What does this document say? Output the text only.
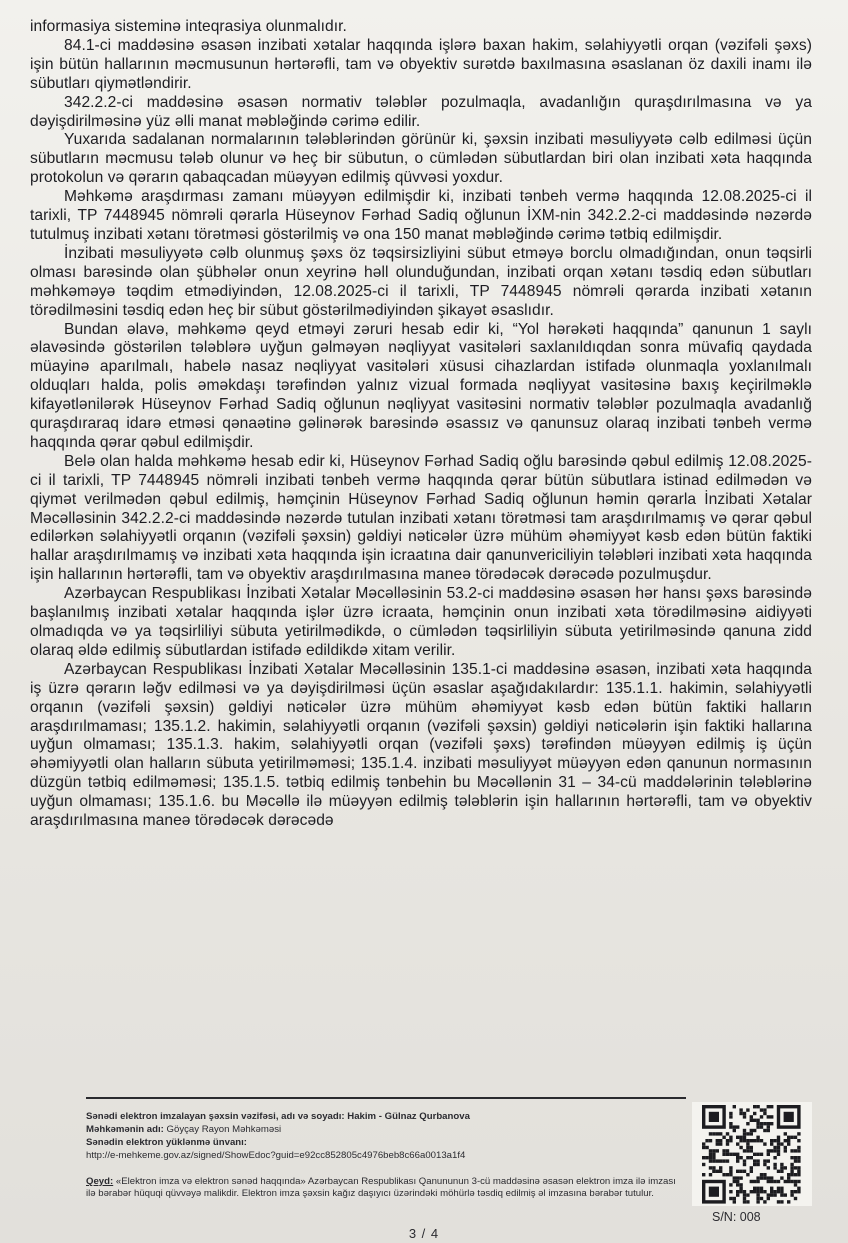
informasiya sisteminə inteqrasiya olunmalıdır.

84.1-ci maddəsinə əsasən inzibati xətalar haqqında işlərə baxan hakim, səlahiyyətli orqan (vəzifəli şəxs) işin bütün hallarının məcmusunun hərtərəfli, tam və obyektiv surətdə baxılmasına əsaslanan öz daxili inamı ilə sübutları qiymətləndirir.

342.2.2-ci maddəsinə əsasən normativ tələblər pozulmaqla, avadanlığın quraşdırılmasına və ya dəyişdirilməsinə yüz əlli manat məbləğində cərimə edilir.

Yuxarıda sadalanan normalarının tələblərindən görünür ki, şəxsin inzibati məsuliyyətə cəlb edilməsi üçün sübutların məcmusu tələb olunur və heç bir sübutun, o cümlədən sübutlardan biri olan inzibati xəta haqqında protokolun və qərarın qabaqcadan müəyyən edilmiş qüvvəsi yoxdur.

Məhkəmə araşdırması zamanı müəyyən edilmişdir ki, inzibati tənbeh vermə haqqında 12.08.2025-ci il tarixli, TP 7448945 nömrəli qərarla Hüseynov Fərhad Sadiq oğlunun İXM-nin 342.2.2-ci maddəsində nəzərdə tutulmuş inzibati xətanı törətməsi göstərilmiş və ona 150 manat məbləğində cərimə tətbiq edilmişdir.

İnzibati məsuliyyətə cəlb olunmuş şəxs öz təqsirsizliyini sübut etməyə borclu olmadığından, onun təqsirli olması barəsində olan şübhələr onun xeyrinə həll olunduğundan, inzibati orqan xətanı təsdiq edən sübutları məhkəməyə təqdim etmədiyindən, 12.08.2025-ci il tarixli, TP 7448945 nömrəli qərarda inzibati xətanın törədilməsini təsdiq edən heç bir sübut göstərilmədiyindən şikayət əsaslıdır.

Bundan əlavə, məhkəmə qeyd etməyi zəruri hesab edir ki, “Yol hərəkəti haqqında” qanunun 1 saylı əlavəsində göstərilən tələblərə uyğun gəlməyən nəqliyyat vasitələri saxlanıldıqdan sonra müvafiq qaydada müayinə aparılmalı, habelə nasaz nəqliyyat vasitələri xüsusi cihazlardan istifadə olunmaqla yoxlanılmalı olduqları halda, polis əməkdaşı tərəfindən yalnız vizual formada nəqliyyat vasitəsinə baxış keçirilməklə kifayətlənilərək Hüseynov Fərhad Sadiq oğlunun nəqliyyat vasitəsini normativ tələblər pozulmaqla avadanlığ quraşdıraraq idarə etməsi qənaətinə gəlinərək barəsində əsassız və qanunsuz olaraq inzibati tənbeh vermə haqqında qərar qəbul edilmişdir.

Belə olan halda məhkəmə hesab edir ki, Hüseynov Fərhad Sadiq oğlu barəsində qəbul edilmiş 12.08.2025-ci il tarixli, TP 7448945 nömrəli inzibati tənbeh vermə haqqında qərar bütün sübutlara istinad edilmədən və qiymət verilmədən qəbul edilmiş, həmçinin Hüseynov Fərhad Sadiq oğlunun həmin qərarla İnzibati Xətalar Məcəlləsinin 342.2.2-ci maddəsində nəzərdə tutulan inzibati xətanı törətməsi tam araşdırılmamış və qərar qəbul edilərkən səlahiyyətli orqanın (vəzifəli şəxsin) gəldiyi nəticələr üzrə mühüm əhəmiyyət kəsb edən bütün faktiki hallar araşdırılmamış və inzibati xəta haqqında işin icraatına dair qanunvericiliyin tələbləri inzibati xəta haqqında işin hallarının hərtərəfli, tam və obyektiv araşdırılmasına maneə törədəcək dərəcədə pozulmuşdur.

Azərbaycan Respublikası İnzibati Xətalar Məcəlləsinin 53.2-ci maddəsinə əsasən hər hansı şəxs barəsində başlanılmış inzibati xətalar haqqında işlər üzrə icraata, həmçinin onun inzibati xəta törədilməsinə aidiyyəti olmadıqda və ya təqsirliliyi sübuta yetirilmədikdə, o cümlədən təqsirliliyin sübuta yetirilməsində qanuna zidd olaraq əldə edilmiş sübutlardan istifadə edildikdə xitam verilir.

Azərbaycan Respublikası İnzibati Xətalar Məcəlləsinin 135.1-ci maddəsinə əsasən, inzibati xəta haqqında iş üzrə qərarın ləğv edilməsi və ya dəyişdirilməsi üçün əsaslar aşağıdakılardır: 135.1.1. hakimin, səlahiyyətli orqanın (vəzifəli şəxsin) gəldiyi nəticələr üzrə mühüm əhəmiyyət kəsb edən bütün faktiki halların araşdırılmaması; 135.1.2. hakimin, səlahiyyətli orqanın (vəzifəli şəxsin) gəldiyi nəticələrin işin faktiki hallarına uyğun olmaması; 135.1.3. hakim, səlahiyyətli orqan (vəzifəli şəxs) tərəfindən müəyyən edilmiş iş üçün əhəmiyyətli olan halların sübuta yetirilməməsi; 135.1.4. inzibati məsuliyyət müəyyən edən qanunun normasının düzgün tətbiq edilməməsi; 135.1.5. tətbiq edilmiş tənbehin bu Məcəllənin 31 – 34-cü maddələrinin tələblərinə uyğun olmaması; 135.1.6. bu Məcəllə ilə müəyyən edilmiş tələblərin işin hallarının hərtərəfli, tam və obyektiv araşdırılmasına maneə törədəcək dərəcədə

Sənədi elektron imzalayan şəxsin vəzifəsi, adı və soyadı: Hakim - Gülnaz Qurbanova
Məhkəmənin adı: Göyçay Rayon Məhkəməsi
Sənədin elektron yüklənmə ünvanı:
http://e-mehkeme.gov.az/signed/ShowEdoc?guid=e92cc852805c4976beb8c66a0013a1f4
Qeyd: «Elektron imza və elektron sənəd haqqında» Azərbaycan Respublikası Qanununun 3-cü maddəsinə əsasən elektron imza ilə imzası ilə bərabər hüquqi qüvvəyə malikdir. Elektron imza şəxsin kağız daşıyıcı üzərindəki möhürlə təsdiq edilmiş əl imzasına bərabər tutulur.
S/N: 008
3 / 4
